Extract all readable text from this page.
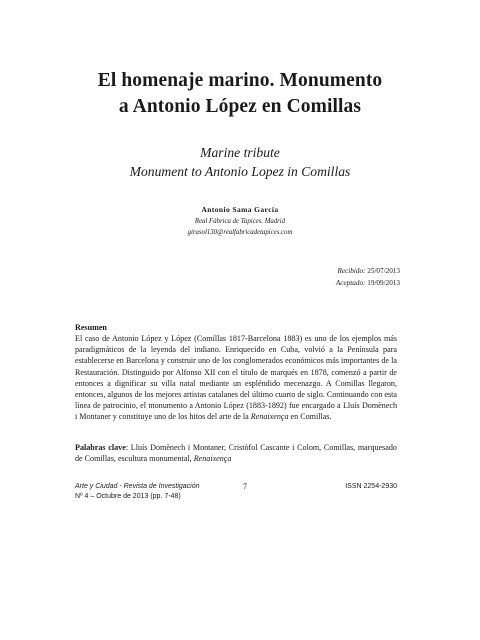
El homenaje marino. Monumento
a Antonio López en Comillas
Marine tribute
Monument to Antonio Lopez in Comillas
Antonio Sama García
Real Fábrica de Tapices. Madrid
girasol130@realfabricadetapices.com
Recibido: 25/07/2013
Aceptado: 19/09/2013
Resumen
El caso de Antonio López y López (Comillas 1817-Barcelona 1883) es uno de los ejemplos más paradigmáticos de la leyenda del indiano. Enriquecido en Cuba, volvió a la Península para establecerse en Barcelona y construir uno de los conglomerados económicos más importantes de la Restauración. Distinguido por Alfonso XII con el título de marqués en 1878, comenzó a partir de entonces a dignificar su villa natal mediante un espléndido mecenazgo. A Comillas llegaron, entonces, algunos de los mejores artistas catalanes del último cuarto de siglo. Continuando con esta línea de patrocinio, el monumento a Antonio López (1883-1892) fue encargado a Lluís Domènech i Montaner y constituye uno de los hitos del arte de la Renaixença en Comillas.
Palabras clave: Lluís Domènech i Montaner, Cristòfol Cascante i Colom, Comillas, marquesado de Comillas, escultura monumental, Renaixença
Arte y Ciudad - Revista de Investigación
Nº 4 – Octubre de 2013 (pp. 7-48)
7	ISSN 2254-2930
